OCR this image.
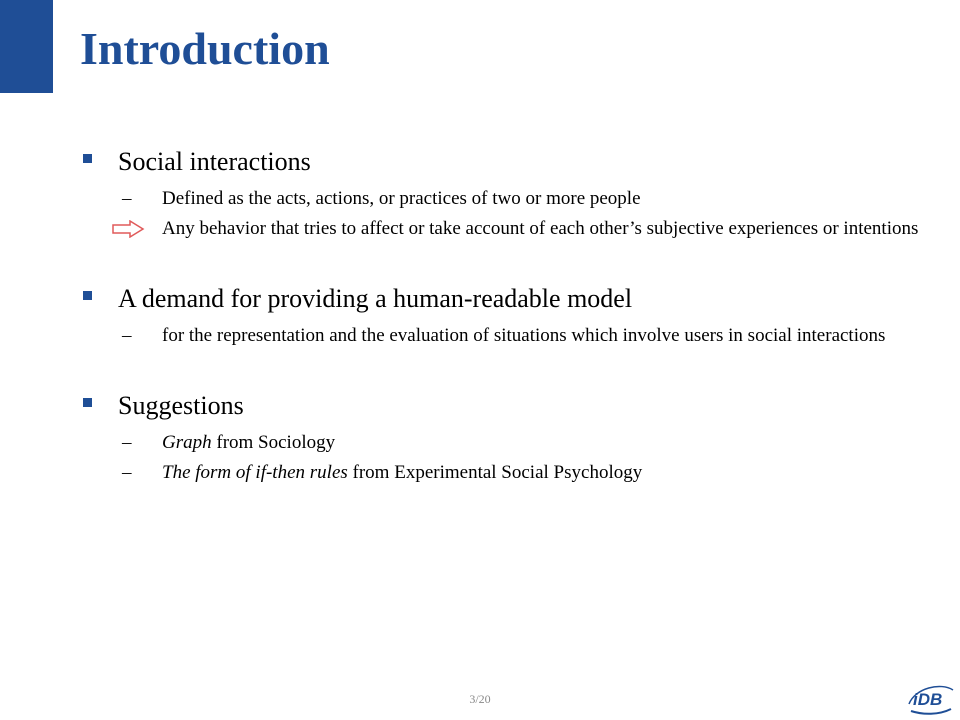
Introduction

Social interactions

– Defined as the acts, actions, or practices of two or more people

Any behavior that tries to affect or take account of each other’s subjective experiences or intentions

A demand for providing a human-readable model

– for the representation and the evaluation of situations which involve users in social interactions

Suggestions

– Graph from Sociology

– The form of if-then rules from Experimental Social Psychology

3/20	iDB
